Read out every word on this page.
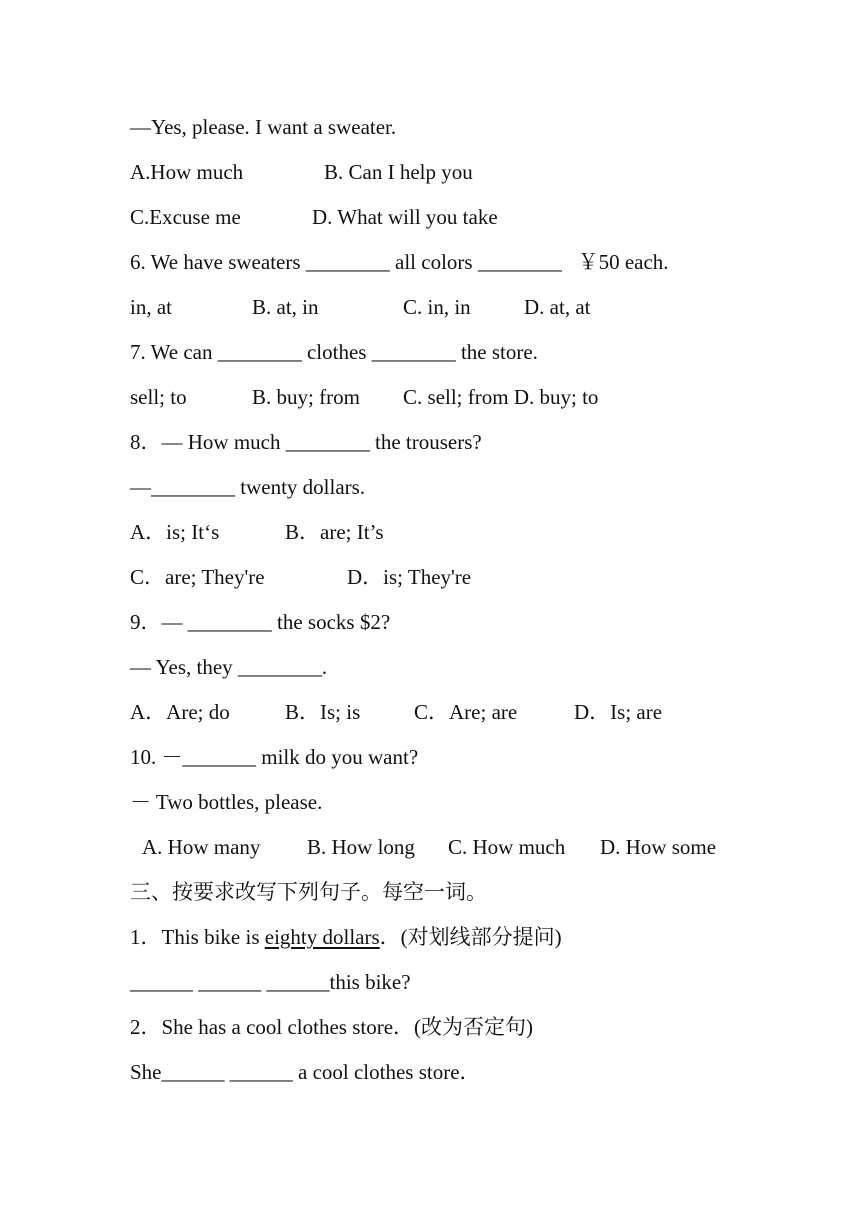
—Yes, please. I want a sweater.

A.How much

	B. Can I help you

C.Excuse me

	D. What will you take

6. We have sweaters ________ all colors ________   ￥50 each.

in, at

	B. at, in

	C. in, in

	D. at, at

7. We can ________ clothes ________ the store.

sell; to

	B. buy; from

C. sell; from D. buy; to

8．— How much ________ the trousers?
—________ twenty dollars.

A．is; It‘s

	B．are; It’s

C．are; They're

	D．is; They're

9．— ________ the socks $2?
— Yes, they ________.

A．Are; do

	B．Is; is

	C．Are; are

	D．Is; are

10. －_______ milk do you want?
－ Two bottles, please.

A. How many

B. How long

C. How much

D. How some

三、按要求改写下列句子。每空一词。
1．This bike is eighty dollars．(对划线部分提问)
______ ______ ______this bike?
2．She has a cool clothes store．(改为否定句)
She______ ______ a cool clothes store．
